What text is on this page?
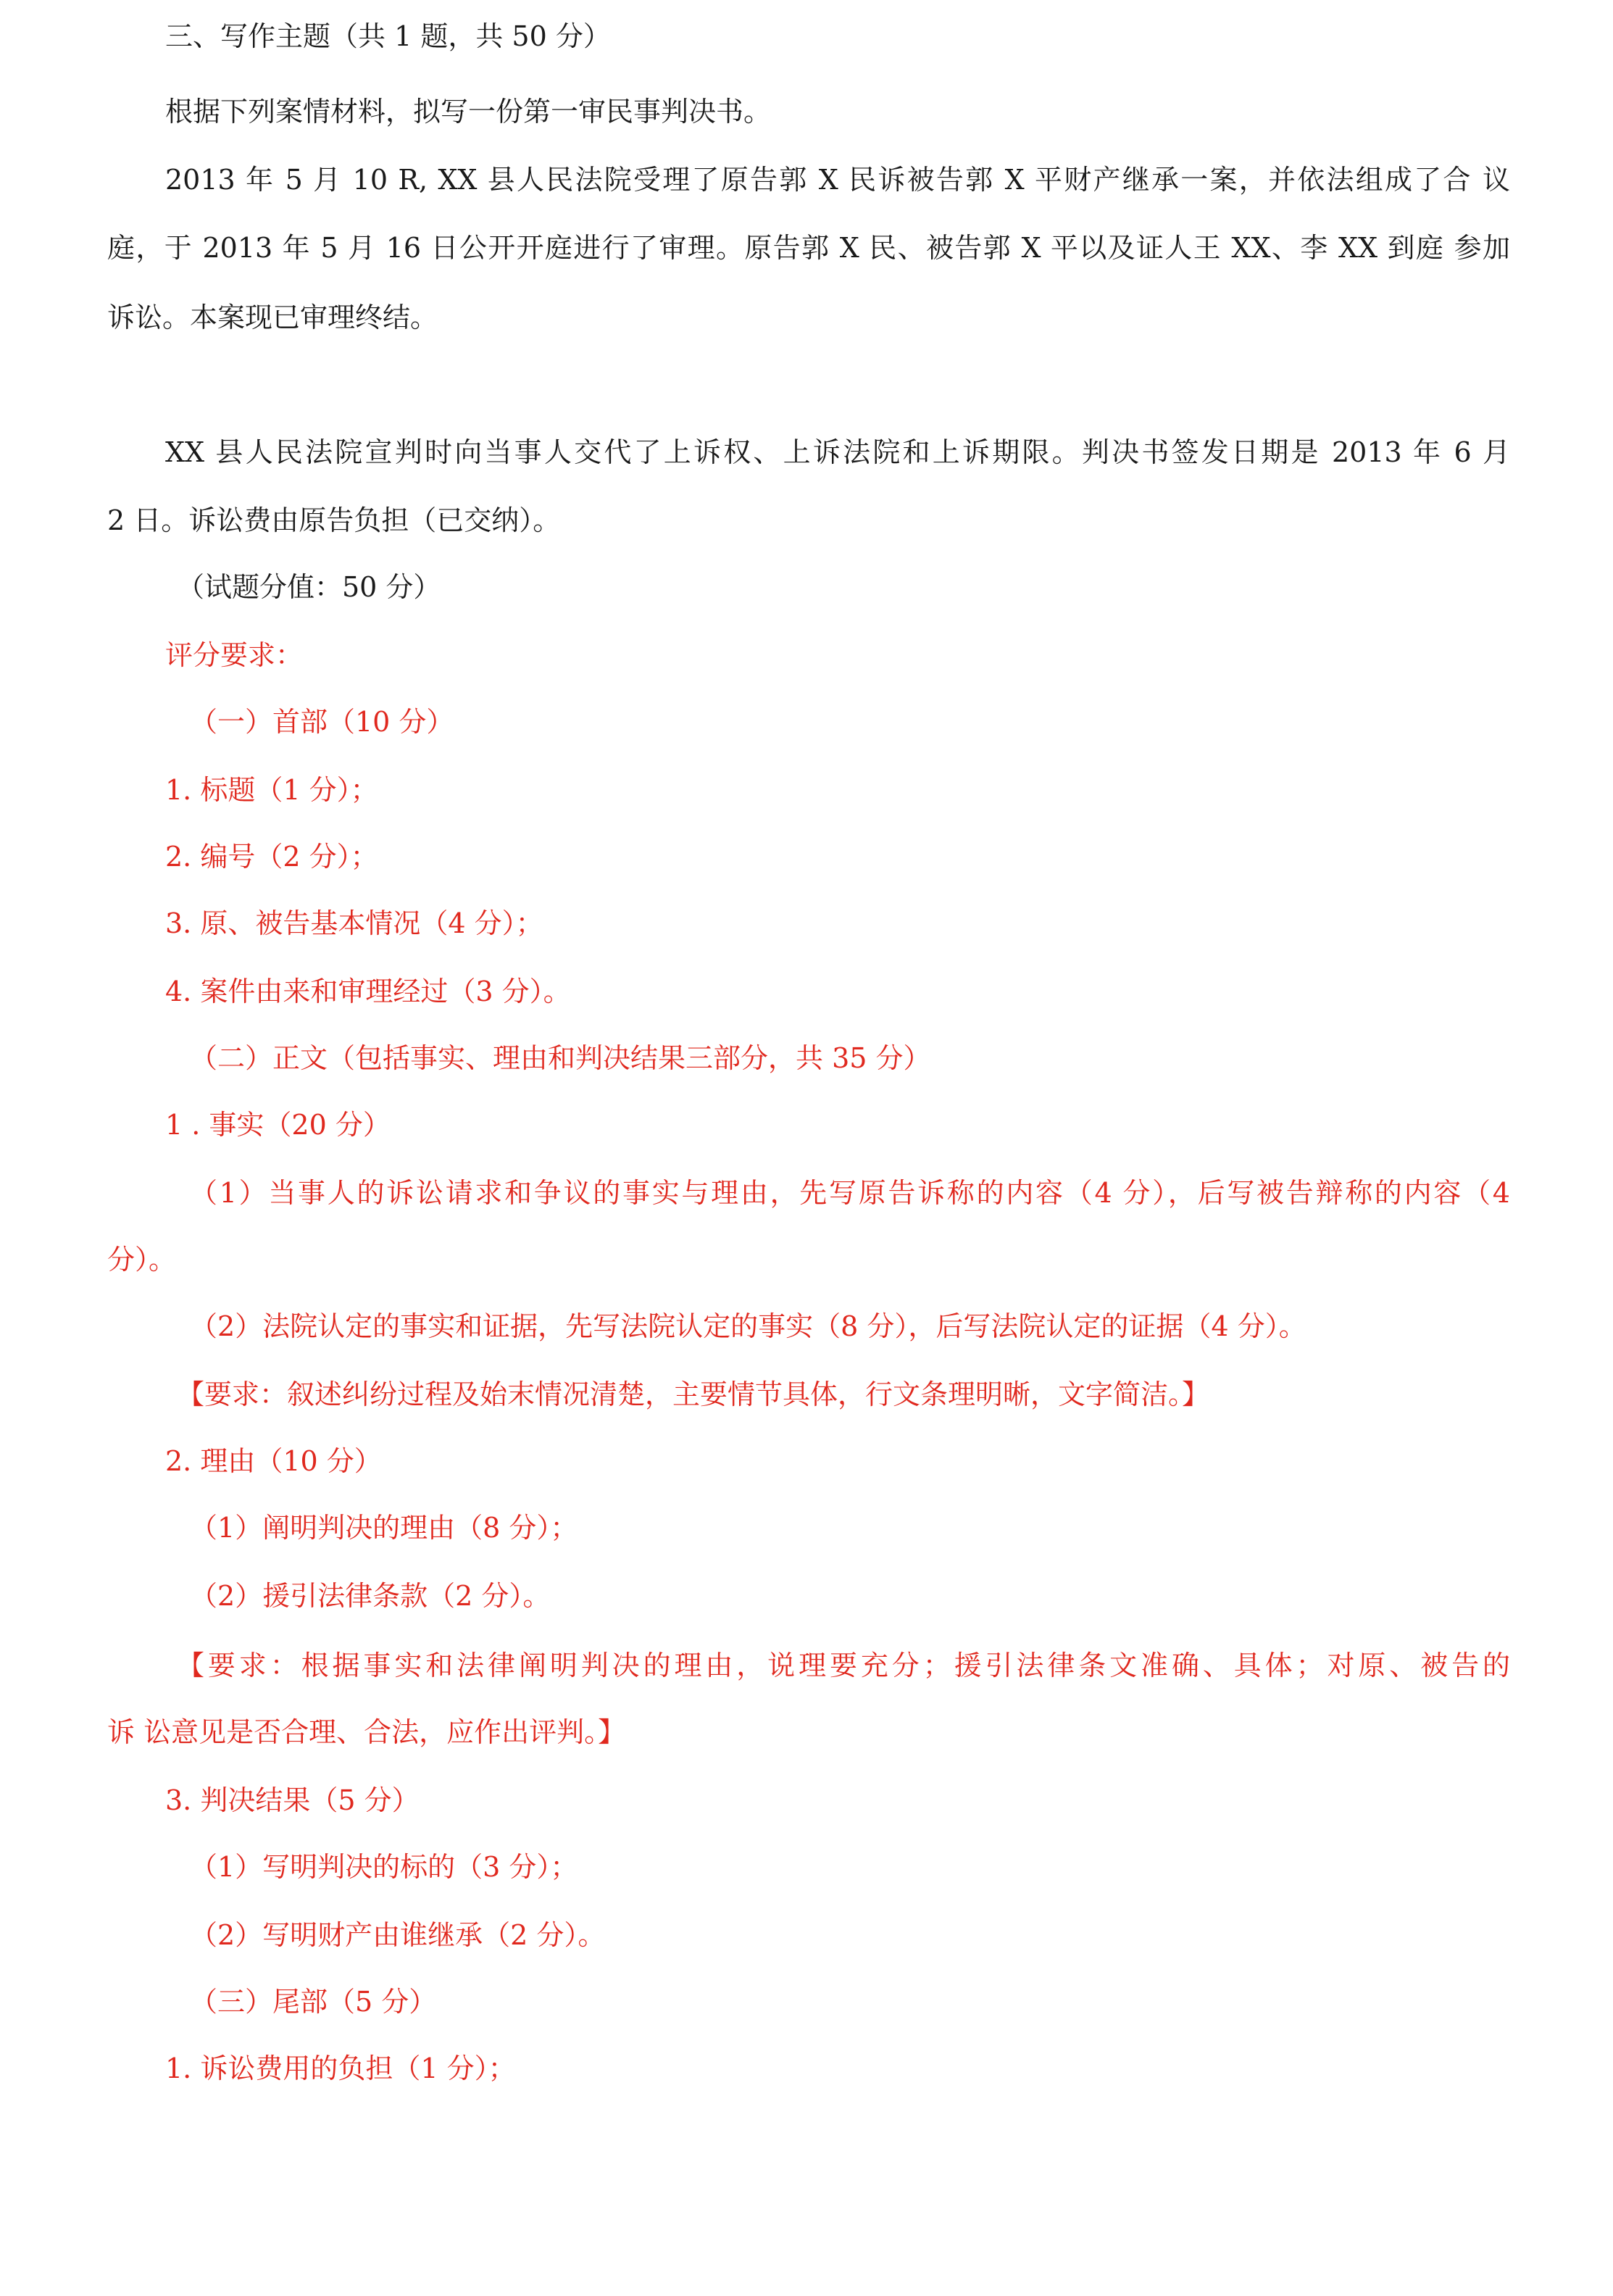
三、写作主题（共 1 题，共 50 分）
根据下列案情材料，拟写一份第一审民事判决书。
2013 年 5 月 10 R, XX 县人民法院受理了原告郭 X 民诉被告郭 X 平财产继承一案，并依法组成了合 议
庭，于 2013 年 5 月 16 日公开开庭进行了审理。原告郭 X 民、被告郭 X 平以及证人王 XX、李 XX 到庭 参加
诉讼。本案现已审理终结。
XX 县人民法院宣判时向当事人交代了上诉权、上诉法院和上诉期限。判决书签发日期是 2013 年 6 月
2 日。诉讼费由原告负担（已交纳）。
（试题分值：50 分）
评分要求：
（一）首部（10 分）
1. 标题（1 分）；
2. 编号（2 分）；
3. 原、被告基本情况（4 分）；
4. 案件由来和审理经过（3 分）。
（二）正文（包括事实、理由和判决结果三部分，共 35 分）
1 . 事实（20 分）
（1）当事人的诉讼请求和争议的事实与理由，先写原告诉称的内容（4 分），后写被告辩称的内容（4
分）。
（2）法院认定的事实和证据，先写法院认定的事实（8 分），后写法院认定的证据（4 分）。
【要求：叙述纠纷过程及始末情况清楚，主要情节具体，行文条理明晰，文字简洁。】
2. 理由（10 分）
（1）阐明判决的理由（8 分）；
（2）援引法律条款（2 分）。
【要求：根据事实和法律阐明判决的理由，说理要充分；援引法律条文准确、具体；对原、被告的
诉 讼意见是否合理、合法，应作出评判。】
3. 判决结果（5 分）
（1）写明判决的标的（3 分）；
（2）写明财产由谁继承（2 分）。
（三）尾部（5 分）
1. 诉讼费用的负担（1 分）；
